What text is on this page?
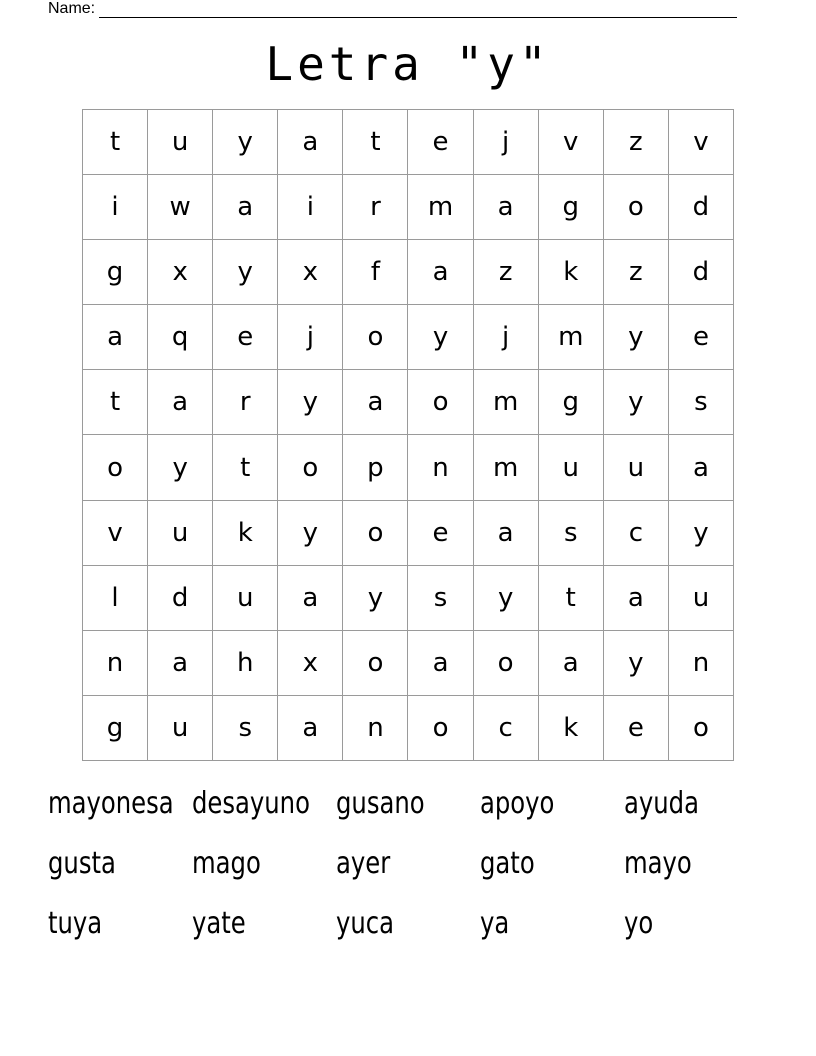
Name:
Letra "y"
t	u	y	a	t	e	j	v	z	v
i	w	a	i	r	m	a	g	o	d
g	x	y	x	f	a	z	k	z	d
a	q	e	j	o	y	j	m	y	e
t	a	r	y	a	o	m	g	y	s
o	y	t	o	p	n	m	u	u	a
v	u	k	y	o	e	a	s	c	y
l	d	u	a	y	s	y	t	a	u
n	a	h	x	o	a	o	a	y	n
g	u	s	a	n	o	c	k	e	o
mayonesa desayuno gusano	apoyo	ayuda
gusta	mago	ayer	gato	mayo
tuya	yate	yuca	ya	yo
